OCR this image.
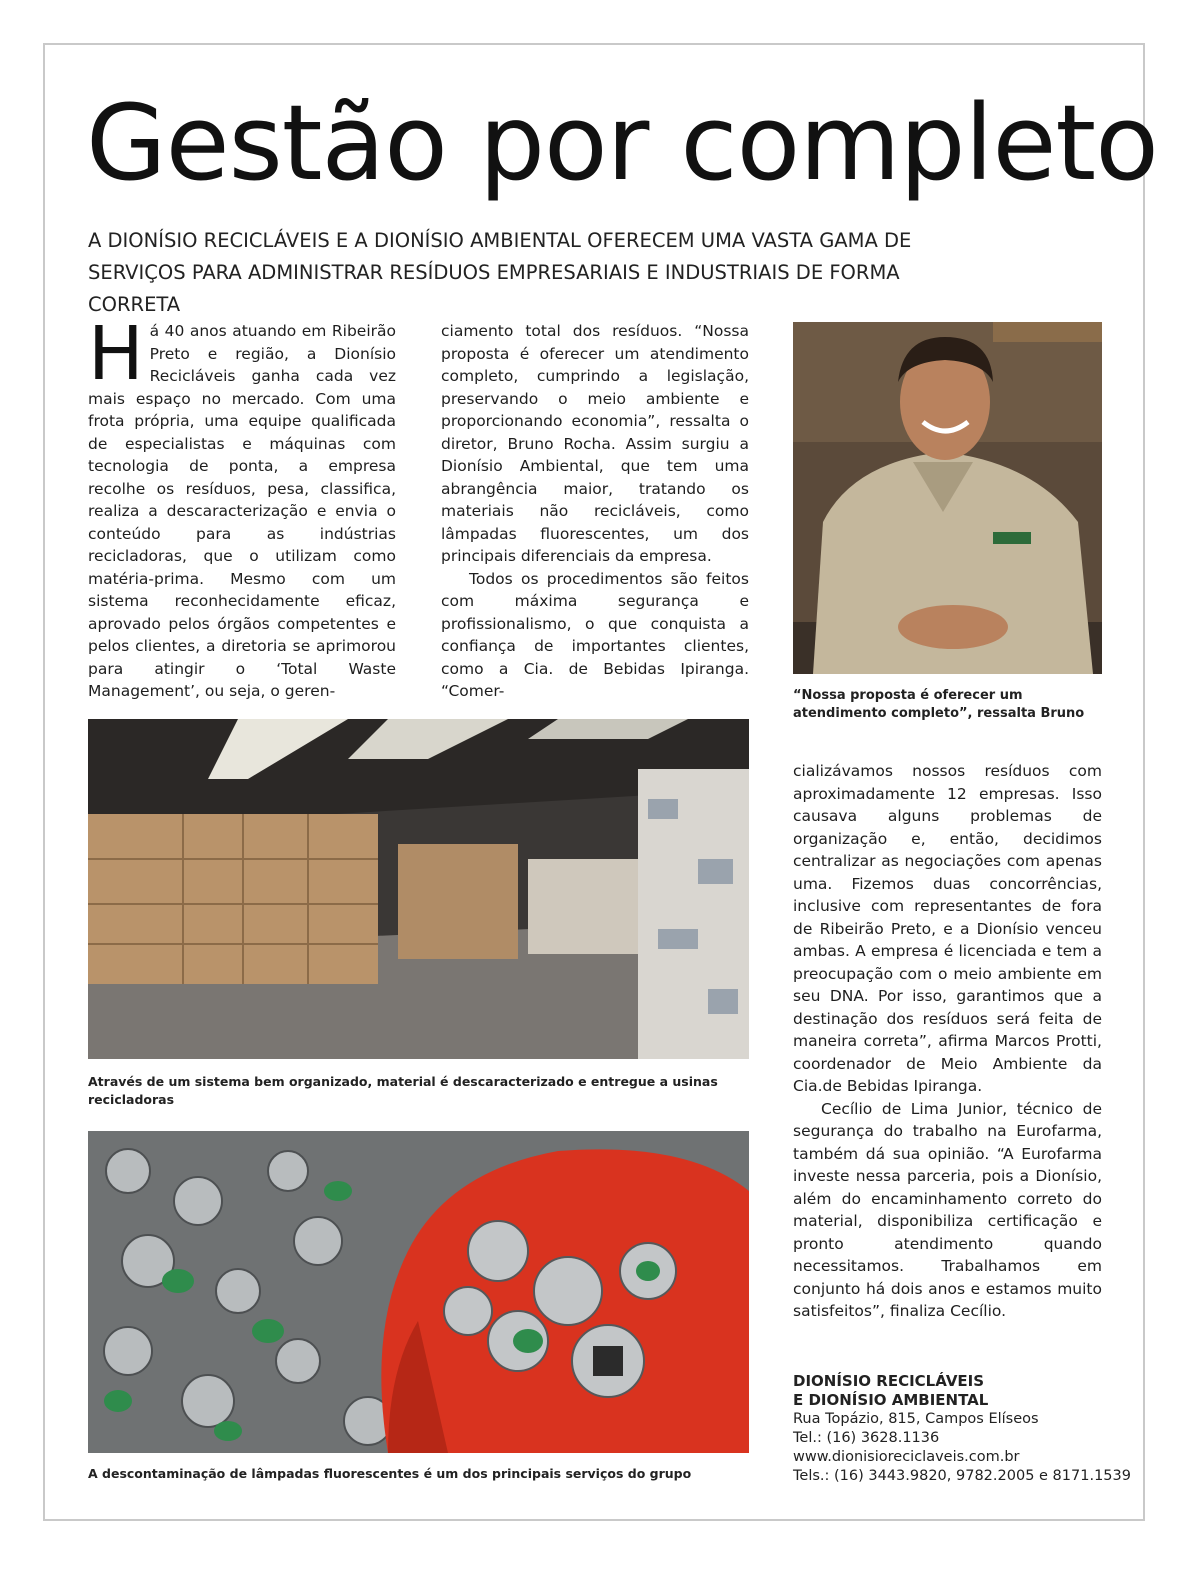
Gestão por completo

A DIONÍSIO RECICLÁVEIS E A DIONÍSIO AMBIENTAL OFERECEM UMA VASTA GAMA DE SERVIÇOS PARA ADMINISTRAR RESÍDUOS EMPRESARIAIS E INDUSTRIAIS DE FORMA CORRETA

Há 40 anos atuando em Ribeirão Preto e região, a Dionísio Recicláveis ganha cada vez mais espaço no mercado. Com uma frota própria, uma equipe qualificada de especialistas e máquinas com tecnologia de ponta, a empresa recolhe os resíduos, pesa, classifica, realiza a descaracterização e envia o conteúdo para as indústrias recicladoras, que o utilizam como matéria-prima. Mesmo com um sistema reconhecidamente eficaz, aprovado pelos órgãos competentes e pelos clientes, a diretoria se aprimorou para atingir o ‘Total Waste Management’, ou seja, o geren-

ciamento total dos resíduos. “Nossa proposta é oferecer um atendimento completo, cumprindo a legislação, preservando o meio ambiente e proporcionando economia”, ressalta o diretor, Bruno Rocha. Assim surgiu a Dionísio Ambiental, que tem uma abrangência maior, tratando os materiais não recicláveis, como lâmpadas fluorescentes, um dos principais diferenciais da empresa.

Todos os procedimentos são feitos com máxima segurança e profissionalismo, o que conquista a confiança de importantes clientes, como a Cia. de Bebidas Ipiranga. “Comer-

cializávamos nossos resíduos com aproximadamente 12 empresas. Isso causava alguns problemas de organização e, então, decidimos centralizar as negociações com apenas uma. Fizemos duas concorrências, inclusive com representantes de fora de Ribeirão Preto, e a Dionísio venceu ambas. A empresa é licenciada e tem a preocupação com o meio ambiente em seu DNA. Por isso, garantimos que a destinação dos resíduos será feita de maneira correta”, afirma Marcos Protti, coordenador de Meio Ambiente da Cia.de Bebidas Ipiranga.

Cecílio de Lima Junior, técnico de segurança do trabalho na Eurofarma, também dá sua opinião. “A Eurofarma investe nessa parceria, pois a Dionísio, além do encaminhamento correto do material, disponibiliza certificação e pronto atendimento quando necessitamos. Trabalhamos em conjunto há dois anos e estamos muito satisfeitos”, finaliza Cecílio.

“Nossa proposta é oferecer um atendimento completo”, ressalta Bruno

Através de um sistema bem organizado, material é descaracterizado e entregue a usinas recicladoras

A descontaminação de lâmpadas fluorescentes é um dos principais serviços do grupo

DIONÍSIO RECICLÁVEIS
E DIONÍSIO AMBIENTAL
Rua Topázio, 815, Campos Elíseos
Tel.: (16) 3628.1136
www.dionisioreciclaveis.com.br
Tels.: (16) 3443.9820, 9782.2005 e 8171.1539
